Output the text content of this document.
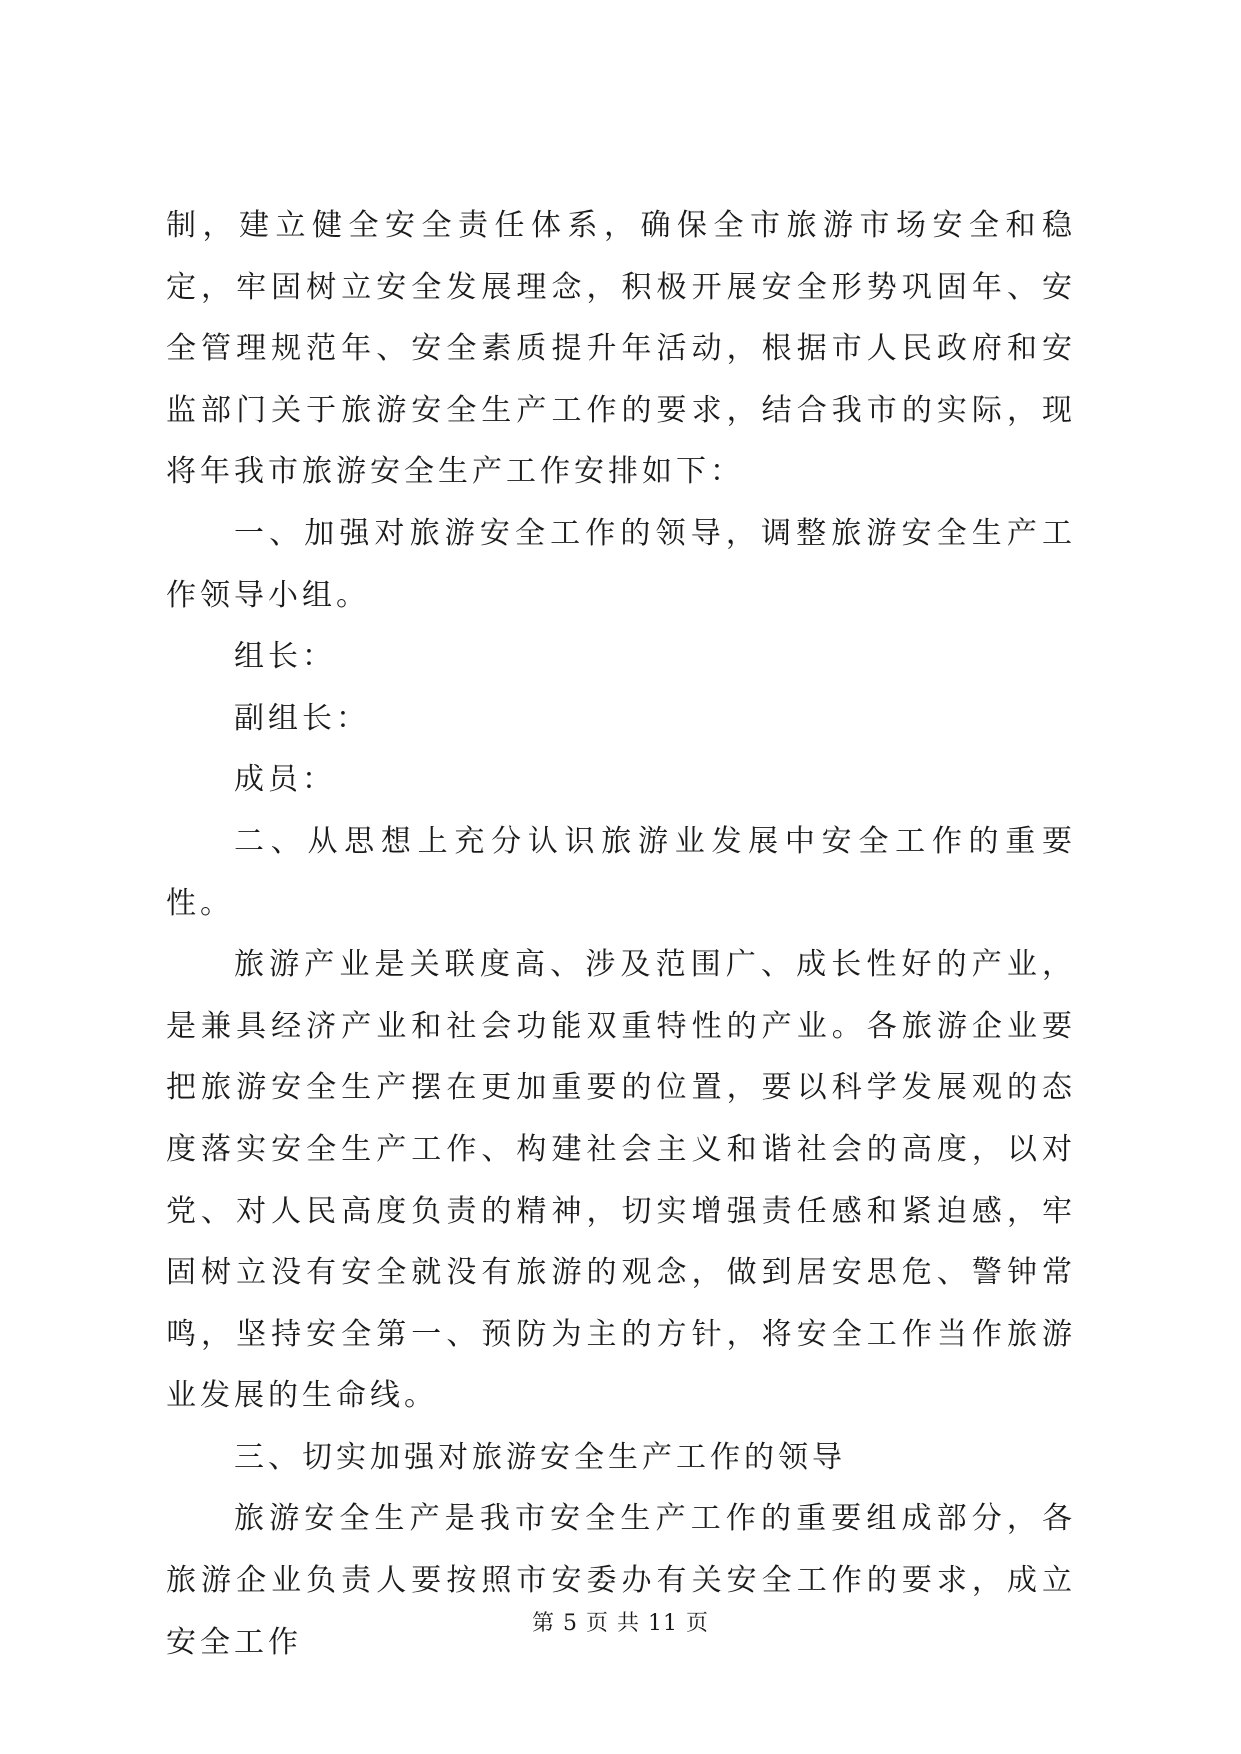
制，建立健全安全责任体系，确保全市旅游市场安全和稳定，牢固树立安全发展理念，积极开展安全形势巩固年、安全管理规范年、安全素质提升年活动，根据市人民政府和安监部门关于旅游安全生产工作的要求，结合我市的实际，现将年我市旅游安全生产工作安排如下：

一、加强对旅游安全工作的领导，调整旅游安全生产工作领导小组。

组长：

副组长：

成员：

二、从思想上充分认识旅游业发展中安全工作的重要性。

旅游产业是关联度高、涉及范围广、成长性好的产业，是兼具经济产业和社会功能双重特性的产业。各旅游企业要把旅游安全生产摆在更加重要的位置，要以科学发展观的态度落实安全生产工作、构建社会主义和谐社会的高度，以对党、对人民高度负责的精神，切实增强责任感和紧迫感，牢固树立没有安全就没有旅游的观念，做到居安思危、警钟常鸣，坚持安全第一、预防为主的方针，将安全工作当作旅游业发展的生命线。

三、切实加强对旅游安全生产工作的领导

旅游安全生产是我市安全生产工作的重要组成部分，各旅游企业负责人要按照市安委办有关安全工作的要求，成立安全工作

第 5 页 共 11 页
